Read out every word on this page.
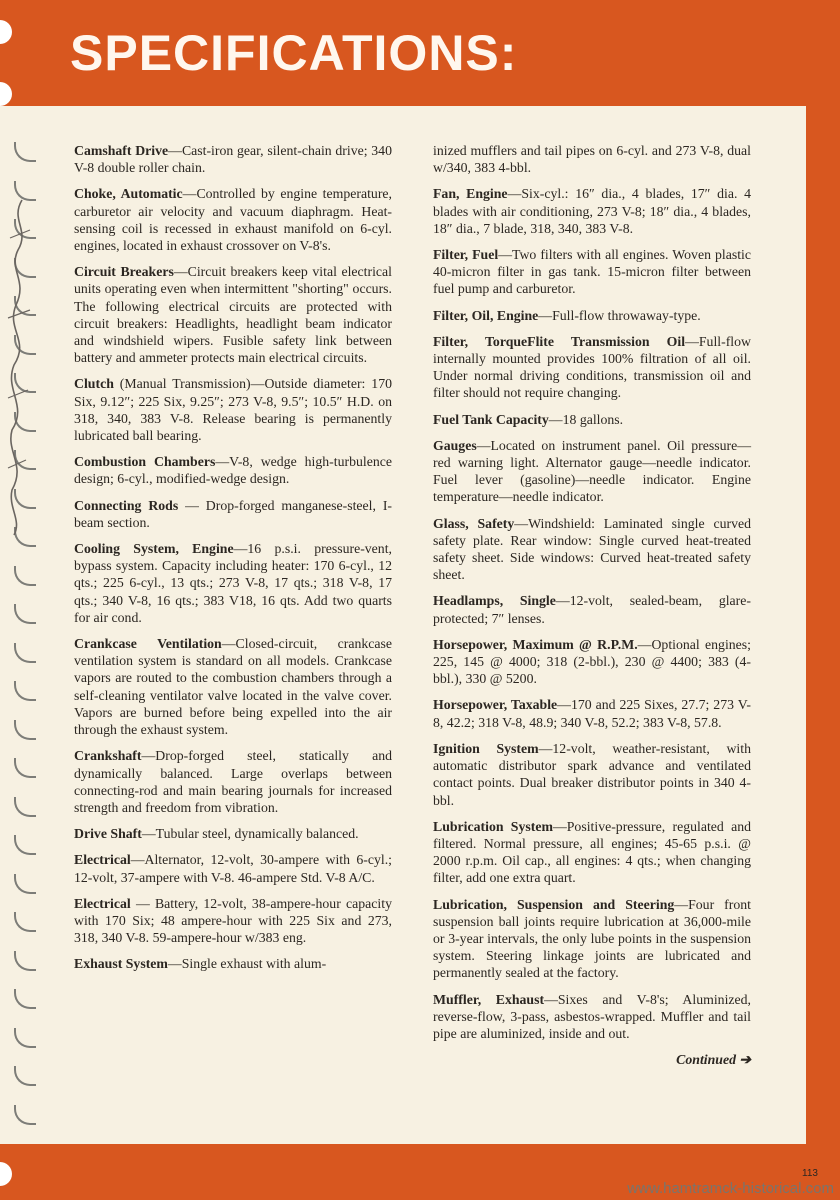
SPECIFICATIONS:

Camshaft Drive—Cast-iron gear, silent-chain drive; 340 V-8 double roller chain.

Choke, Automatic—Controlled by engine temperature, carburetor air velocity and vacuum diaphragm. Heat-sensing coil is recessed in exhaust manifold on 6-cyl. engines, located in exhaust crossover on V-8's.

Circuit Breakers—Circuit breakers keep vital electrical units operating even when intermittent "shorting" occurs. The following electrical circuits are protected with circuit breakers: Headlights, headlight beam indicator and windshield wipers. Fusible safety link between battery and ammeter protects main electrical circuits.

Clutch (Manual Transmission)—Outside diameter: 170 Six, 9.12″; 225 Six, 9.25″; 273 V-8, 9.5″; 10.5″ H.D. on 318, 340, 383 V-8. Release bearing is permanently lubricated ball bearing.

Combustion Chambers—V-8, wedge high-turbulence design; 6-cyl., modified-wedge design.

Connecting Rods — Drop-forged manganese-steel, I-beam section.

Cooling System, Engine—16 p.s.i. pressure-vent, bypass system. Capacity including heater: 170 6-cyl., 12 qts.; 225 6-cyl., 13 qts.; 273 V-8, 17 qts.; 318 V-8, 17 qts.; 340 V-8, 16 qts.; 383 V18, 16 qts. Add two quarts for air cond.

Crankcase Ventilation—Closed-circuit, crankcase ventilation system is standard on all models. Crankcase vapors are routed to the combustion chambers through a self-cleaning ventilator valve located in the valve cover. Vapors are burned before being expelled into the air through the exhaust system.

Crankshaft—Drop-forged steel, statically and dynamically balanced. Large overlaps between connecting-rod and main bearing journals for increased strength and freedom from vibration.

Drive Shaft—Tubular steel, dynamically balanced.

Electrical—Alternator, 12-volt, 30-ampere with 6-cyl.; 12-volt, 37-ampere with V-8. 46-ampere Std. V-8 A/C.

Electrical — Battery, 12-volt, 38-ampere-hour capacity with 170 Six; 48 ampere-hour with 225 Six and 273, 318, 340 V-8. 59-ampere-hour w/383 eng.

Exhaust System—Single exhaust with alum-

inized mufflers and tail pipes on 6-cyl. and 273 V-8, dual w/340, 383 4-bbl.

Fan, Engine—Six-cyl.: 16″ dia., 4 blades, 17″ dia. 4 blades with air conditioning, 273 V-8; 18″ dia., 4 blades, 18″ dia., 7 blade, 318, 340, 383 V-8.

Filter, Fuel—Two filters with all engines. Woven plastic 40-micron filter in gas tank. 15-micron filter between fuel pump and carburetor.

Filter, Oil, Engine—Full-flow throwaway-type.

Filter, TorqueFlite Transmission Oil—Full-flow internally mounted provides 100% filtration of all oil. Under normal driving conditions, transmission oil and filter should not require changing.

Fuel Tank Capacity—18 gallons.

Gauges—Located on instrument panel. Oil pressure—red warning light. Alternator gauge—needle indicator. Fuel lever (gasoline)—needle indicator. Engine temperature—needle indicator.

Glass, Safety—Windshield: Laminated single curved safety plate. Rear window: Single curved heat-treated safety sheet. Side windows: Curved heat-treated safety sheet.

Headlamps, Single—12-volt, sealed-beam, glare-protected; 7″ lenses.

Horsepower, Maximum @ R.P.M.—Optional engines; 225, 145 @ 4000; 318 (2-bbl.), 230 @ 4400; 383 (4-bbl.), 330 @ 5200.

Horsepower, Taxable—170 and 225 Sixes, 27.7; 273 V-8, 42.2; 318 V-8, 48.9; 340 V-8, 52.2; 383 V-8, 57.8.

Ignition System—12-volt, weather-resistant, with automatic distributor spark advance and ventilated contact points. Dual breaker distributor points in 340 4-bbl.

Lubrication System—Positive-pressure, regulated and filtered. Normal pressure, all engines; 45-65 p.s.i. @ 2000 r.p.m. Oil cap., all engines: 4 qts.; when changing filter, add one extra quart.

Lubrication, Suspension and Steering—Four front suspension ball joints require lubrication at 36,000-mile or 3-year intervals, the only lube points in the suspension system. Steering linkage joints are lubricated and permanently sealed at the factory.

Muffler, Exhaust—Sixes and V-8's; Aluminized, reverse-flow, 3-pass, asbestos-wrapped. Muffler and tail pipe are aluminized, inside and out.

Continued ➔

113
www.hamtramck-historical.com
